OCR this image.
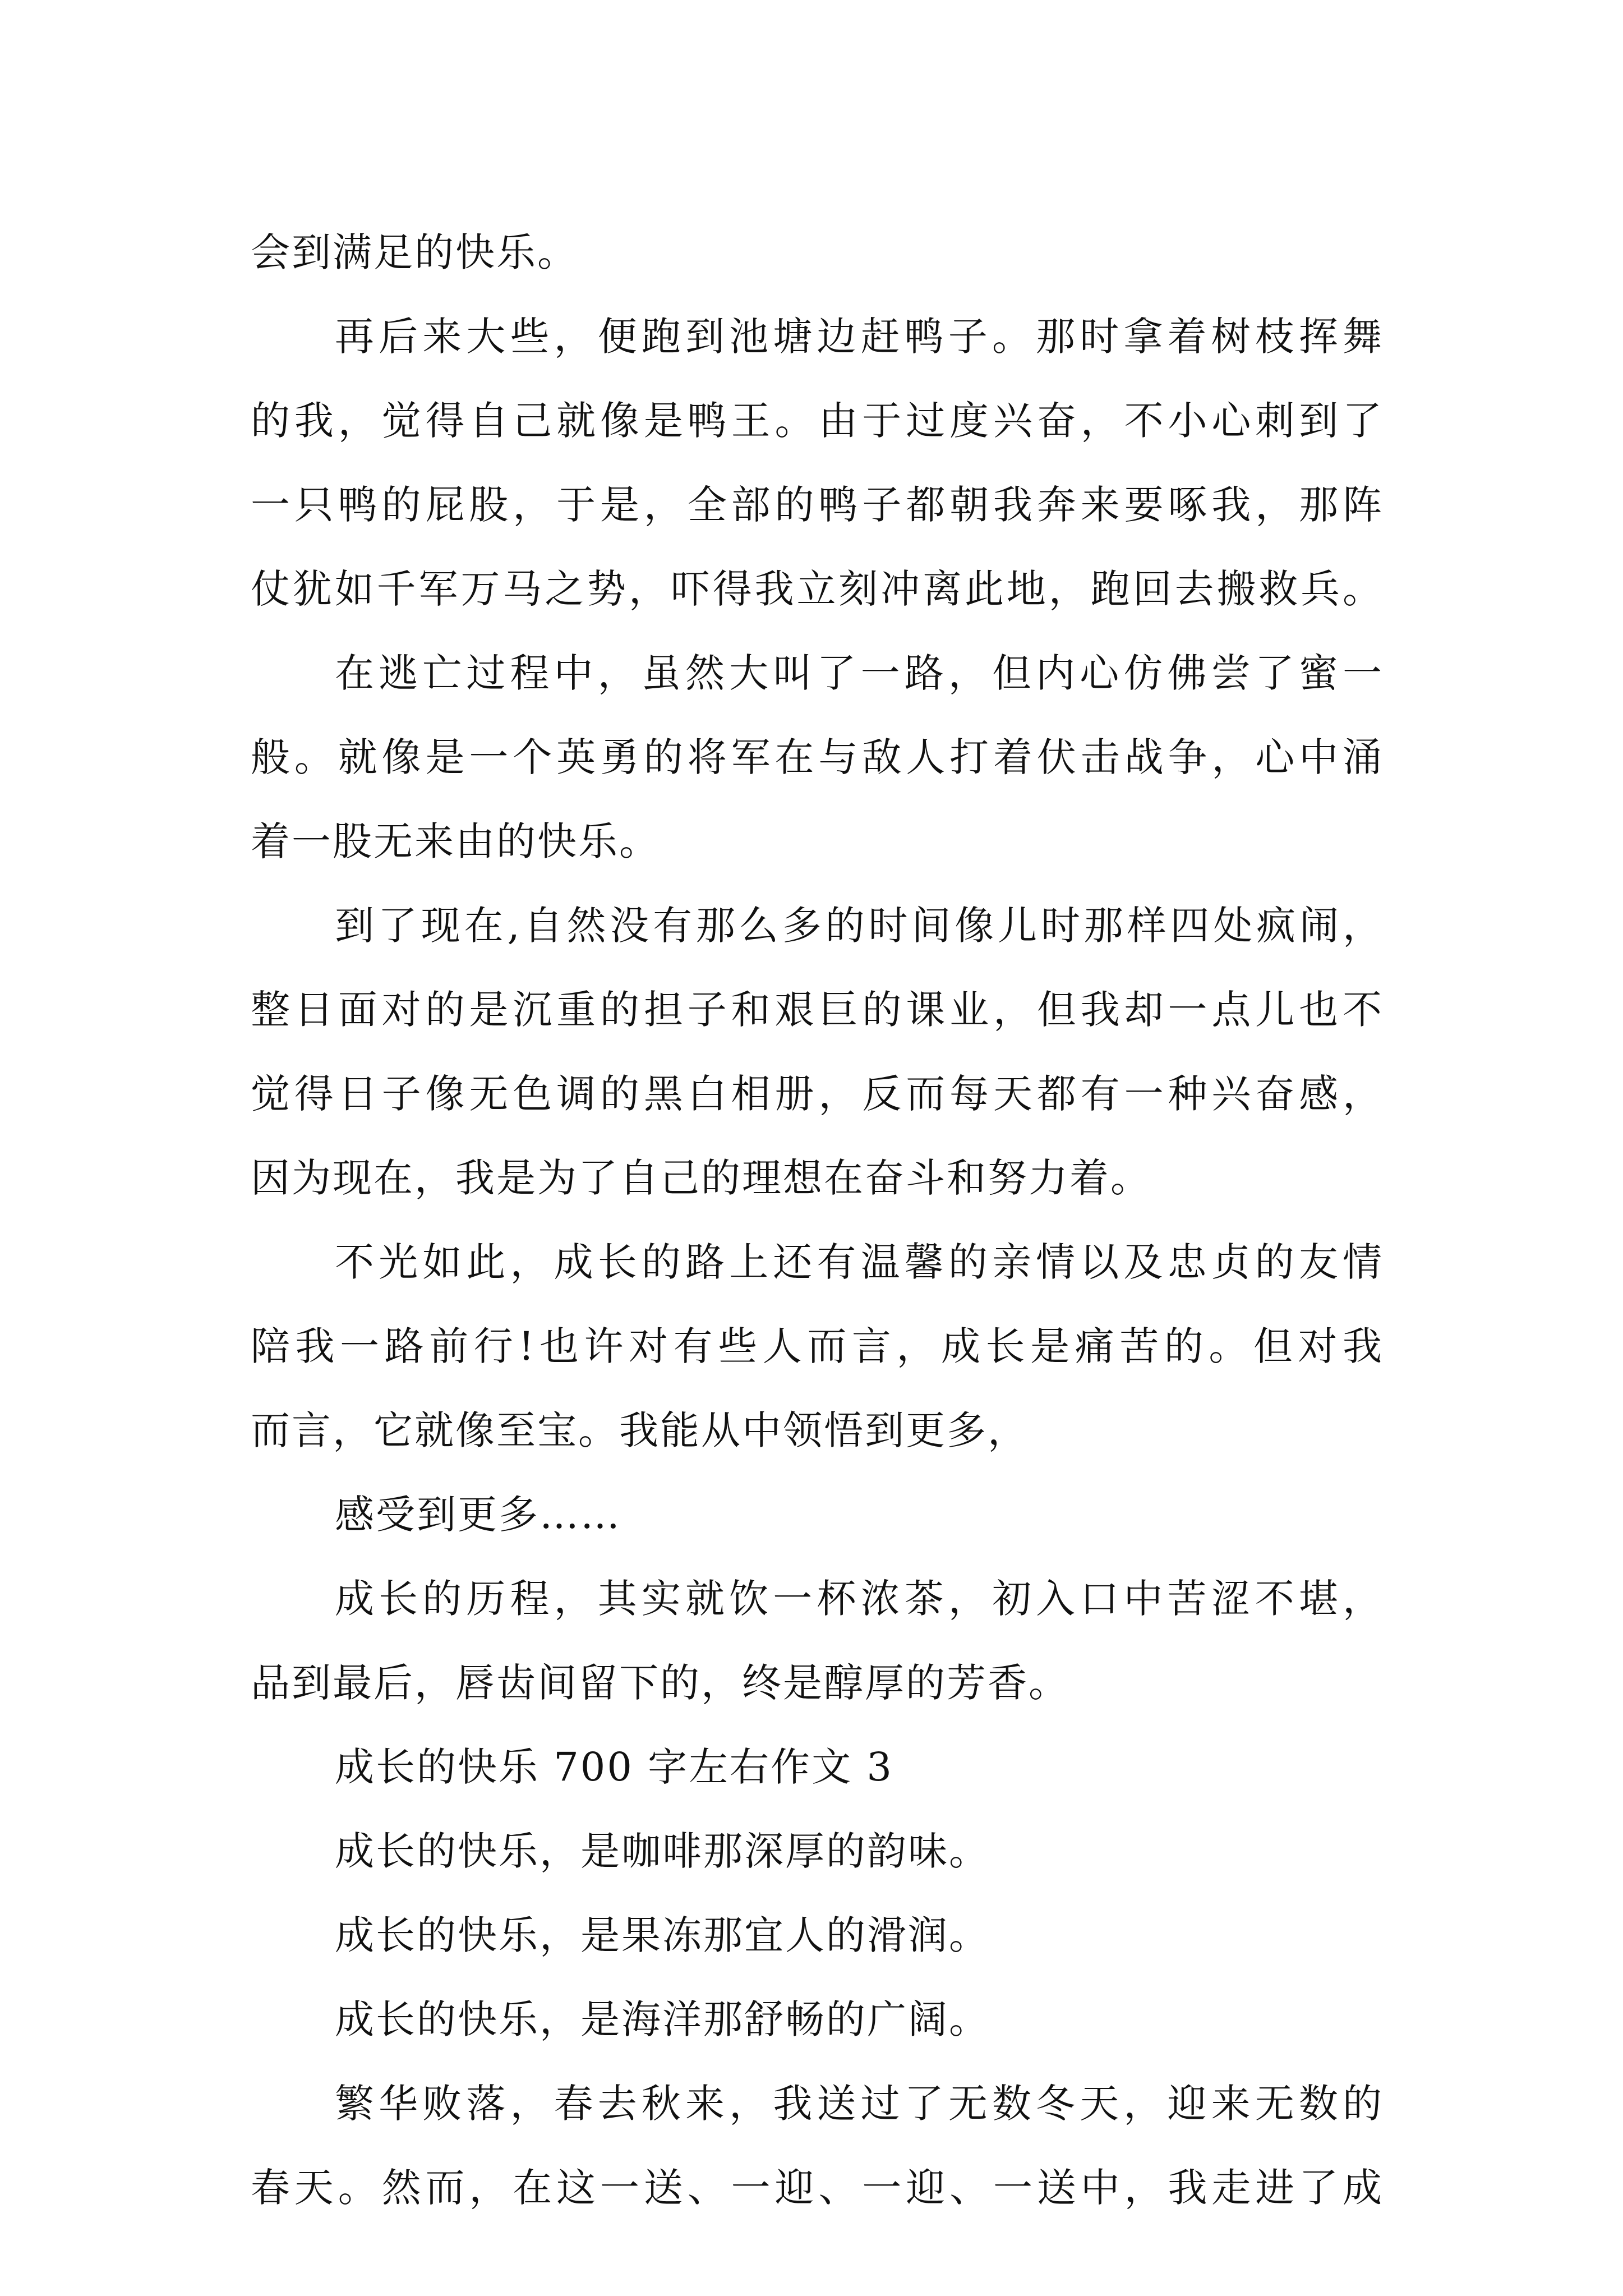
会到满足的快乐。
再后来大些，便跑到池塘边赶鸭子。那时拿着树枝挥舞
的我，觉得自己就像是鸭王。由于过度兴奋，不小心刺到了
一只鸭的屁股，于是，全部的鸭子都朝我奔来要啄我，那阵
仗犹如千军万马之势，吓得我立刻冲离此地，跑回去搬救兵。
在逃亡过程中，虽然大叫了一路，但内心仿佛尝了蜜一
般。就像是一个英勇的将军在与敌人打着伏击战争，心中涌
着一股无来由的快乐。
到了现在,自然没有那么多的时间像儿时那样四处疯闹，
整日面对的是沉重的担子和艰巨的课业，但我却一点儿也不
觉得日子像无色调的黑白相册，反而每天都有一种兴奋感，
因为现在，我是为了自己的理想在奋斗和努力着。
不光如此，成长的路上还有温馨的亲情以及忠贞的友情
陪我一路前行!也许对有些人而言，成长是痛苦的。但对我
而言，它就像至宝。我能从中领悟到更多，
感受到更多……
成长的历程，其实就饮一杯浓茶，初入口中苦涩不堪，
品到最后，唇齿间留下的，终是醇厚的芳香。
成长的快乐 700 字左右作文 3
成长的快乐，是咖啡那深厚的韵味。
成长的快乐，是果冻那宜人的滑润。
成长的快乐，是海洋那舒畅的广阔。
繁华败落，春去秋来，我送过了无数冬天，迎来无数的
春天。然而，在这一送、一迎、一迎、一送中，我走进了成
